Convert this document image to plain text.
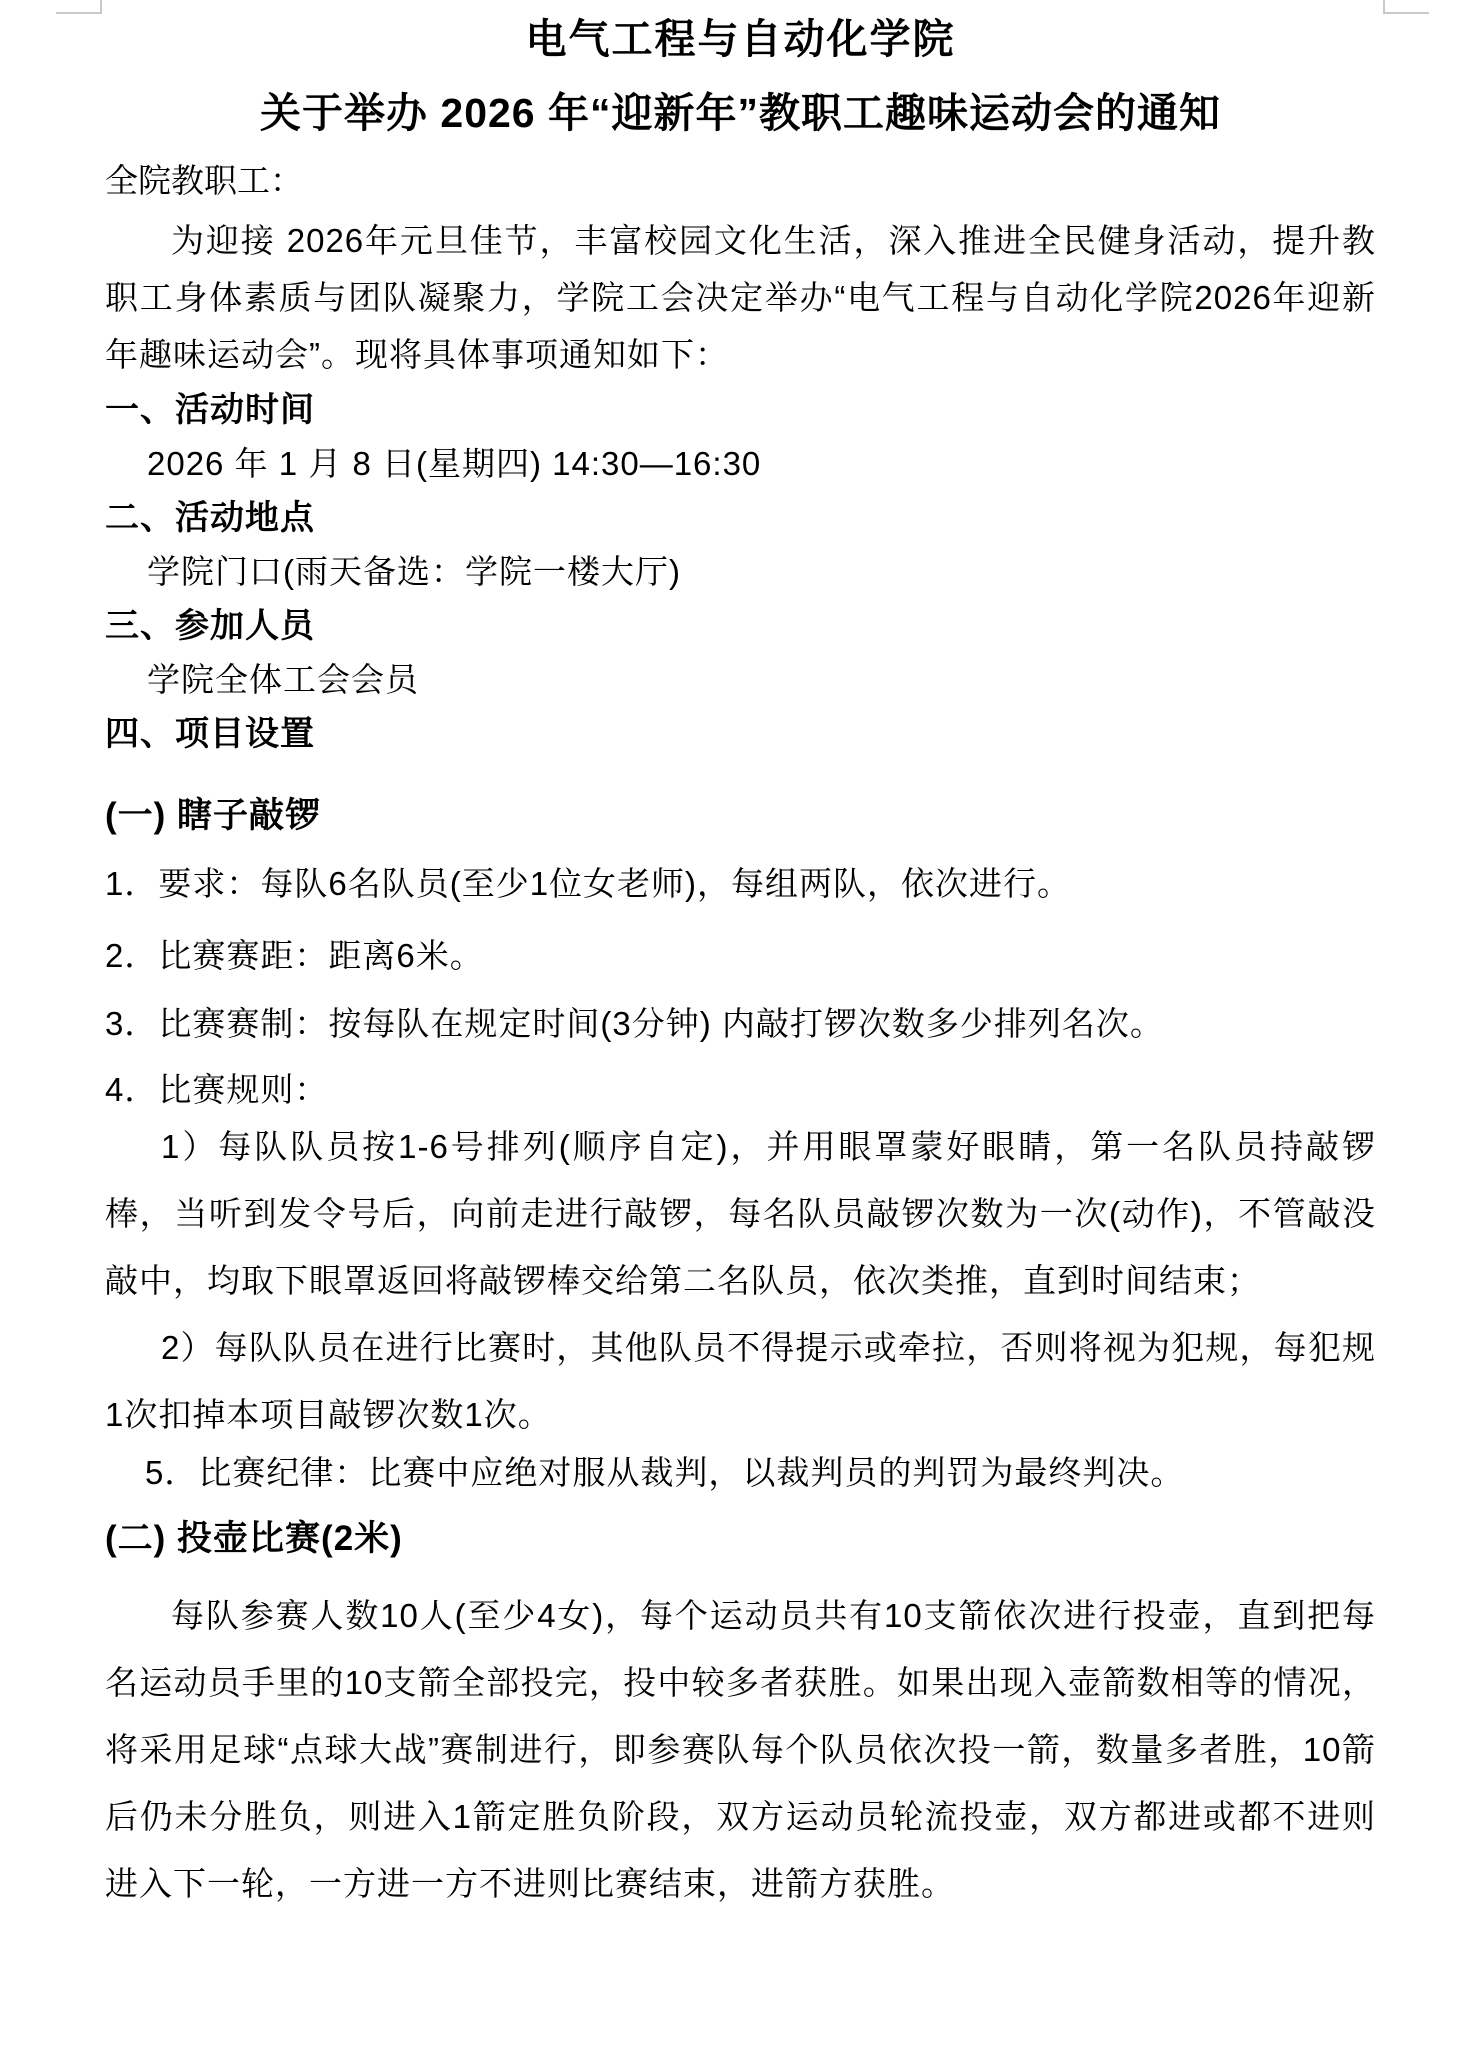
电气工程与自动化学院
关于举办 2026 年“迎新年”教职工趣味运动会的通知
全院教职工：
为迎接 2026年元旦佳节，丰富校园文化生活，深入推进全民健身活动，提升教职工身体素质与团队凝聚力，学院工会决定举办“电气工程与自动化学院2026年迎新年趣味运动会”。现将具体事项通知如下：
一、活动时间
2026 年 1 月 8 日(星期四) 14:30—16:30
二、活动地点
学院门口(雨天备选：学院一楼大厅)
三、参加人员
学院全体工会会员
四、项目设置
(一) 瞎子敲锣
1．要求：每队6名队员(至少1位女老师)，每组两队，依次进行。
2．比赛赛距：距离6米。
3．比赛赛制：按每队在规定时间(3分钟) 内敲打锣次数多少排列名次。
4．比赛规则：
1）每队队员按1-6号排列(顺序自定)，并用眼罩蒙好眼睛，第一名队员持敲锣棒，当听到发令号后，向前走进行敲锣，每名队员敲锣次数为一次(动作)，不管敲没敲中，均取下眼罩返回将敲锣棒交给第二名队员，依次类推，直到时间结束；
2）每队队员在进行比赛时，其他队员不得提示或牵拉，否则将视为犯规，每犯规1次扣掉本项目敲锣次数1次。
5．比赛纪律：比赛中应绝对服从裁判，以裁判员的判罚为最终判决。
(二) 投壶比赛(2米)
每队参赛人数10人(至少4女)，每个运动员共有10支箭依次进行投壶，直到把每名运动员手里的10支箭全部投完，投中较多者获胜。如果出现入壶箭数相等的情况，将采用足球“点球大战”赛制进行，即参赛队每个队员依次投一箭，数量多者胜，10箭后仍未分胜负，则进入1箭定胜负阶段，双方运动员轮流投壶，双方都进或都不进则进入下一轮，一方进一方不进则比赛结束，进箭方获胜。
